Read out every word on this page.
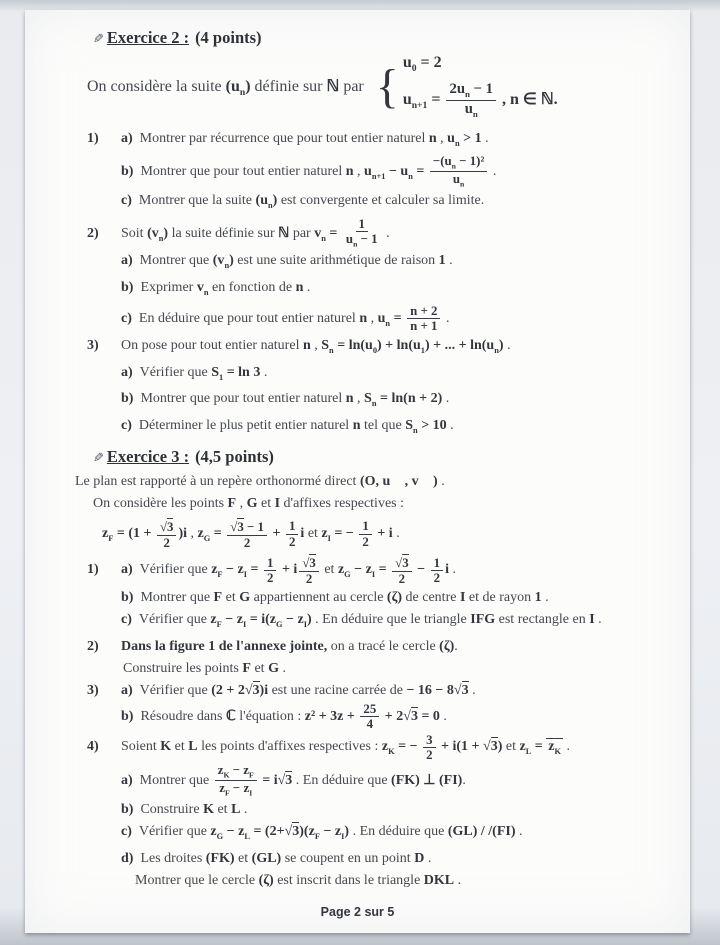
✎ Exercice 2 : (4 points)
On considère la suite $(u_n)$ définie sur ℕ par { $u_0 = 2$
$u_{n+1} = \frac{2u_n - 1}{u_n}$ , n ∈ ℕ.
1) a) Montrer par récurrence que pour tout entier naturel n , $u_n > 1$ .
b) Montrer que pour tout entier naturel n , $u_{n+1} - u_n = \frac{-(u_n - 1)^2}{u_n}$ .
c) Montrer que la suite $(u_n)$ est convergente et calculer sa limite.
2) Soit $(v_n)$ la suite définie sur ℕ par $v_n = \frac{1}{u_n - 1}$ .
a) Montrer que $(v_n)$ est une suite arithmétique de raison 1 .
b) Exprimer $v_n$ en fonction de n .
c) En déduire que pour tout entier naturel n , $u_n = \frac{n + 2}{n + 1}$ .
3) On pose pour tout entier naturel n , $S_n = \ln(u_0) + \ln(u_1)$ + ... + $\ln(u_n)$ .
a) Vérifier que $S_1 = \ln 3$ .
b) Montrer que pour tout entier naturel n , $S_n = \ln(n + 2)$ .
c) Déterminer le plus petit entier naturel n tel que $S_n > 10$ .
✎ Exercice 3 : (4,5 points)
Le plan est rapporté à un repère orthonormé direct (O, u⃗ , v⃗ ) .
On considère les points F , G et I d'affixes respectives :
$z_F = (1 + \frac{√3}{2} )i$ , $z_G = \frac{√3 - 1}{2} + \frac{1}{2}$ i et $z_I$ = − $\frac{1}{2} + i$ .
1) a) Vérifier que $z_F - z_I = \frac{1}{2} + i \frac{√3}{2}$ et $z_G - z_I = \frac{√3}{2} - \frac{1}{2}$ i .
b) Montrer que F et G appartiennent au cercle (ζ) de centre I et de rayon 1 .
c) Vérifier que $z_F - z_I = i(z_G - z_I)$ . En déduire que le triangle IFG est rectangle en I .
2) Dans la figure 1 de l'annexe jointe, on a tracé le cercle (ζ).
Construire les points F et G .
3) a) Vérifier que (2 + 2√3)i est une racine carrée de − 16 − 8√3 .
b) Résoudre dans ℂ l'équation : $z^2 + 3z + \frac{25}{4} + 2√3 = 0$ .
4) Soient K et L les points d'affixes respectives : $z_K$ = − $\frac{3}{2} + i(1 + √3)$ et $z_L = z_K$ .
a) Montrer que $\frac{z_K - z_F}{z_F - z_I} = i√3$ . En déduire que (FK) ⊥ (FI).
b) Construire K et L .
c) Vérifier que $z_G - z_L = (2+√3)(z_F - z_I)$ . En déduire que (GL) / /(FI) .
d) Les droites (FK) et (GL) se coupent en un point D .
Montrer que le cercle (ζ) est inscrit dans le triangle DKL .
Page 2 sur 5
